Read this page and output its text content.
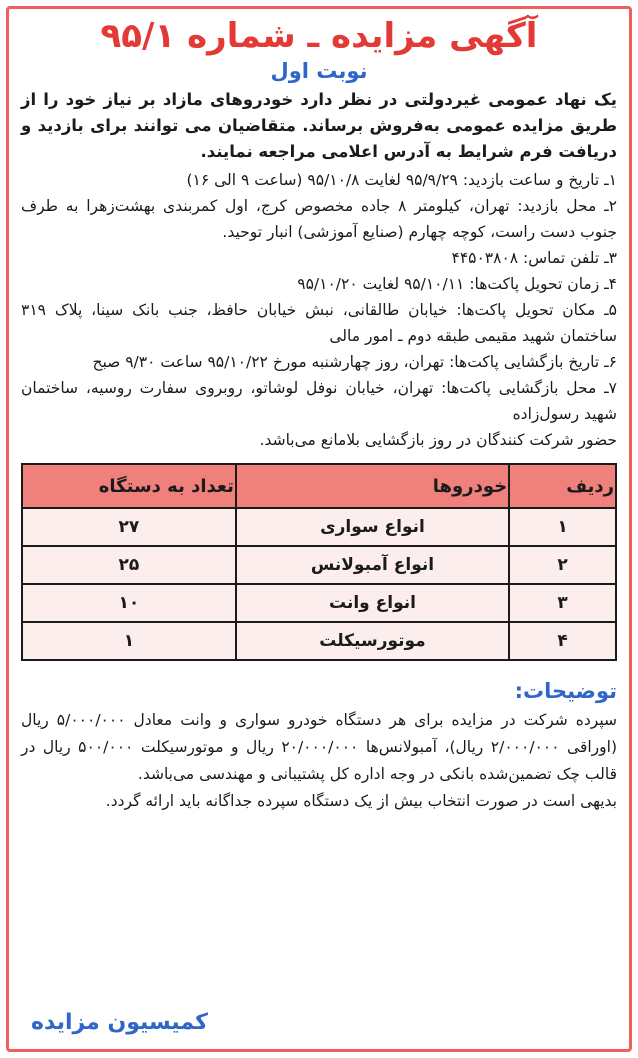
آگهی مزایده ـ شماره ۹۵/۱
نوبت اول

یک نهاد عمومی غیردولتی در نظر دارد خودروهای مازاد بر نیاز خود را از طریق مزایده عمومی به‌فروش برساند. متقاضیان می توانند برای بازدید و دریافت فرم شرایط به آدرس اعلامی مراجعه نمایند.

۱ـ تاریخ و ساعت بازدید: ۹۵/۹/۲۹ لغایت ۹۵/۱۰/۸ (ساعت ۹ الی ۱۶)

۲ـ محل بازدید: تهران، کیلومتر ۸ جاده مخصوص کرج، اول کمربندی بهشت‌زهرا به طرف جنوب دست راست، کوچه چهارم (صنایع آموزشی) انبار توحید.

۳ـ تلفن تماس: ۴۴۵۰۳۸۰۸

۴ـ زمان تحویل پاکت‌ها: ۹۵/۱۰/۱۱ لغایت ۹۵/۱۰/۲۰

۵ـ مکان تحویل پاکت‌ها: خیابان طالقانی، نبش خیابان حافظ، جنب بانک سینا، پلاک ۳۱۹ ساختمان شهید مقیمی طبقه دوم ـ امور مالی

۶ـ تاریخ بازگشایی پاکت‌ها: تهران، روز چهارشنبه مورخ ۹۵/۱۰/۲۲ ساعت ۹/۳۰ صبح

۷ـ محل بازگشایی پاکت‌ها: تهران، خیابان نوفل لوشاتو، روبروی سفارت روسیه، ساختمان شهید رسول‌زاده

حضور شرکت کنندگان در روز بازگشایی بلامانع می‌باشد.

ردیف	خودروها	تعداد به دستگاه
۱	انواع سواری	۲۷
۲	انواع آمبولانس	۲۵
۳	انواع وانت	۱۰
۴	موتورسیکلت	۱
توضیحات:

سپرده شرکت در مزایده برای هر دستگاه خودرو سواری و وانت معادل ۵/۰۰۰/۰۰۰ ریال (اوراقی ۲/۰۰۰/۰۰۰ ریال)، آمبولانس‌ها ۲۰/۰۰۰/۰۰۰ ریال و موتورسیکلت ۵۰۰/۰۰۰ ریال در قالب چک تضمین‌شده بانکی در وجه اداره کل پشتیبانی و مهندسی می‌باشد.

بدیهی است در صورت انتخاب بیش از یک دستگاه سپرده جداگانه باید ارائه گردد.

کمیسیون مزایده
